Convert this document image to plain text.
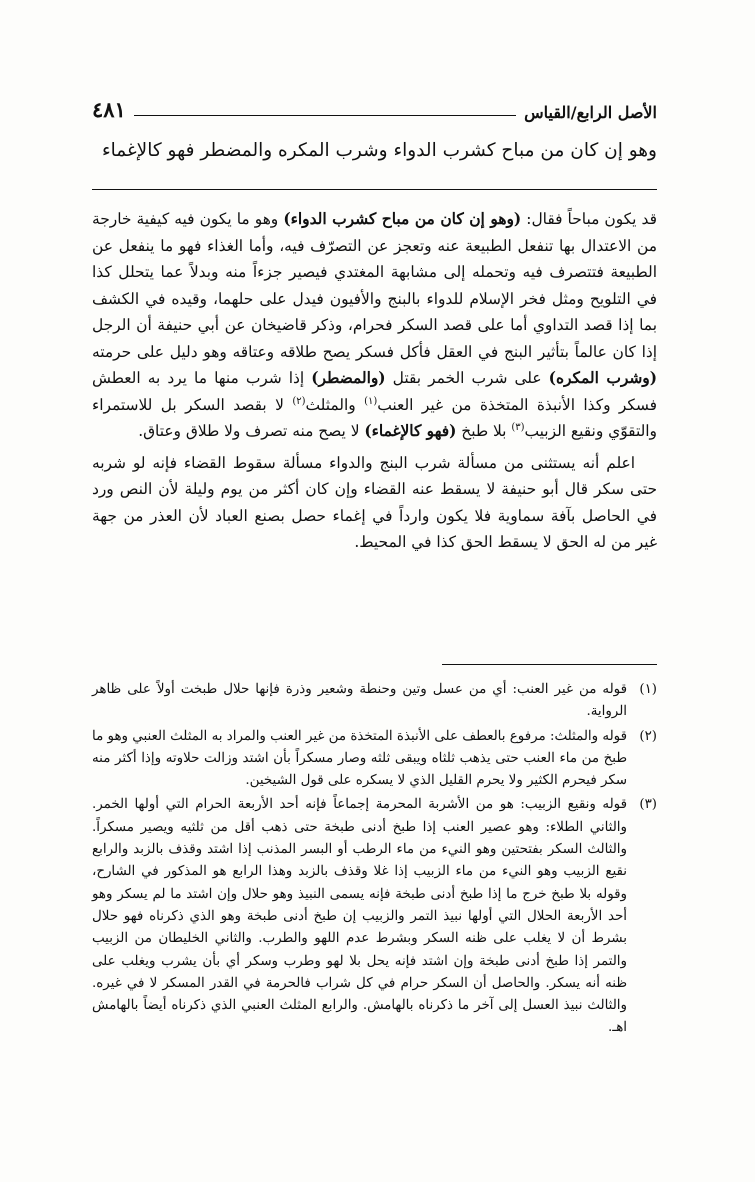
الأصل الرابع/القياس
٤٨١
وهو إن كان من مباح كشرب الدواء وشرب المكره والمضطر فهو كالإغماء

قد يكون مباحاً فقال: (وهو إن كان من مباح كشرب الدواء) وهو ما يكون فيه كيفية خارجة من الاعتدال بها تنفعل الطبيعة عنه وتعجز عن التصرّف فيه، وأما الغذاء فهو ما ينفعل عن الطبيعة فتتصرف فيه وتحمله إلى مشابهة المغتدي فيصير جزءاً منه وبدلاً عما يتحلل كذا في التلويح ومثل فخر الإسلام للدواء بالبنج والأفيون فيدل على حلهما، وقيده في الكشف بما إذا قصد التداوي أما على قصد السكر فحرام، وذكر قاضيخان عن أبي حنيفة أن الرجل إذا كان عالماً بتأثير البنج في العقل فأكل فسكر يصح طلاقه وعتاقه وهو دليل على حرمته (وشرب المكره) على شرب الخمر بقتل (والمضطر) إذا شرب منها ما يرد به العطش فسكر وكذا الأنبذة المتخذة من غير العنب$^{(١)}$ والمثلث$^{(٢)}$ لا بقصد السكر بل للاستمراء والتقوّي ونقيع الزبيب$^{(٣)}$ بلا طبخ (فهو كالإغماء) لا يصح منه تصرف ولا طلاق وعتاق.

اعلم أنه يستثنى من مسألة شرب البنج والدواء مسألة سقوط القضاء فإنه لو شربه حتى سكر قال أبو حنيفة لا يسقط عنه القضاء وإن كان أكثر من يوم وليلة لأن النص ورد في الحاصل بآفة سماوية فلا يكون وارداً في إغماء حصل بصنع العباد لأن العذر من جهة غير من له الحق لا يسقط الحق كذا في المحيط.

(١)
قوله من غير العنب: أي من عسل وتين وحنطة وشعير وذرة فإنها حلال طبخت أولاً على ظاهر الرواية.
(٢)
قوله والمثلث: مرفوع بالعطف على الأنبذة المتخذة من غير العنب والمراد به المثلث العنبي وهو ما طبخ من ماء العنب حتى يذهب ثلثاه ويبقى ثلثه وصار مسكراً بأن اشتد وزالت حلاوته وإذا أكثر منه سكر فيحرم الكثير ولا يحرم القليل الذي لا يسكره على قول الشيخين.
(٣)
قوله ونقيع الزبيب: هو من الأشربة المحرمة إجماعاً فإنه أحد الأربعة الحرام التي أولها الخمر. والثاني الطلاء: وهو عصير العنب إذا طبخ أدنى طبخة حتى ذهب أقل من ثلثيه ويصير مسكراً. والثالث السكر بفتحتين وهو النيء من ماء الرطب أو البسر المذنب إذا اشتد وقذف بالزبد والرابع نقيع الزبيب وهو النيء من ماء الزبيب إذا غلا وقذف بالزبد وهذا الرابع هو المذكور في الشارح، وقوله بلا طبخ خرج ما إذا طبخ أدنى طبخة فإنه يسمى النبيذ وهو حلال وإن اشتد ما لم يسكر وهو أحد الأربعة الحلال التي أولها نبيذ التمر والزبيب إن طبخ أدنى طبخة وهو الذي ذكرناه فهو حلال بشرط أن لا يغلب على ظنه السكر وبشرط عدم اللهو والطرب. والثاني الخليطان من الزبيب والتمر إذا طبخ أدنى طبخة وإن اشتد فإنه يحل بلا لهو وطرب وسكر أي بأن يشرب ويغلب على ظنه أنه يسكر. والحاصل أن السكر حرام في كل شراب فالحرمة في القدر المسكر لا في غيره. والثالث نبيذ العسل إلى آخر ما ذكرناه بالهامش. والرابع المثلث العنبي الذي ذكرناه أيضاً بالهامش اهـ.
